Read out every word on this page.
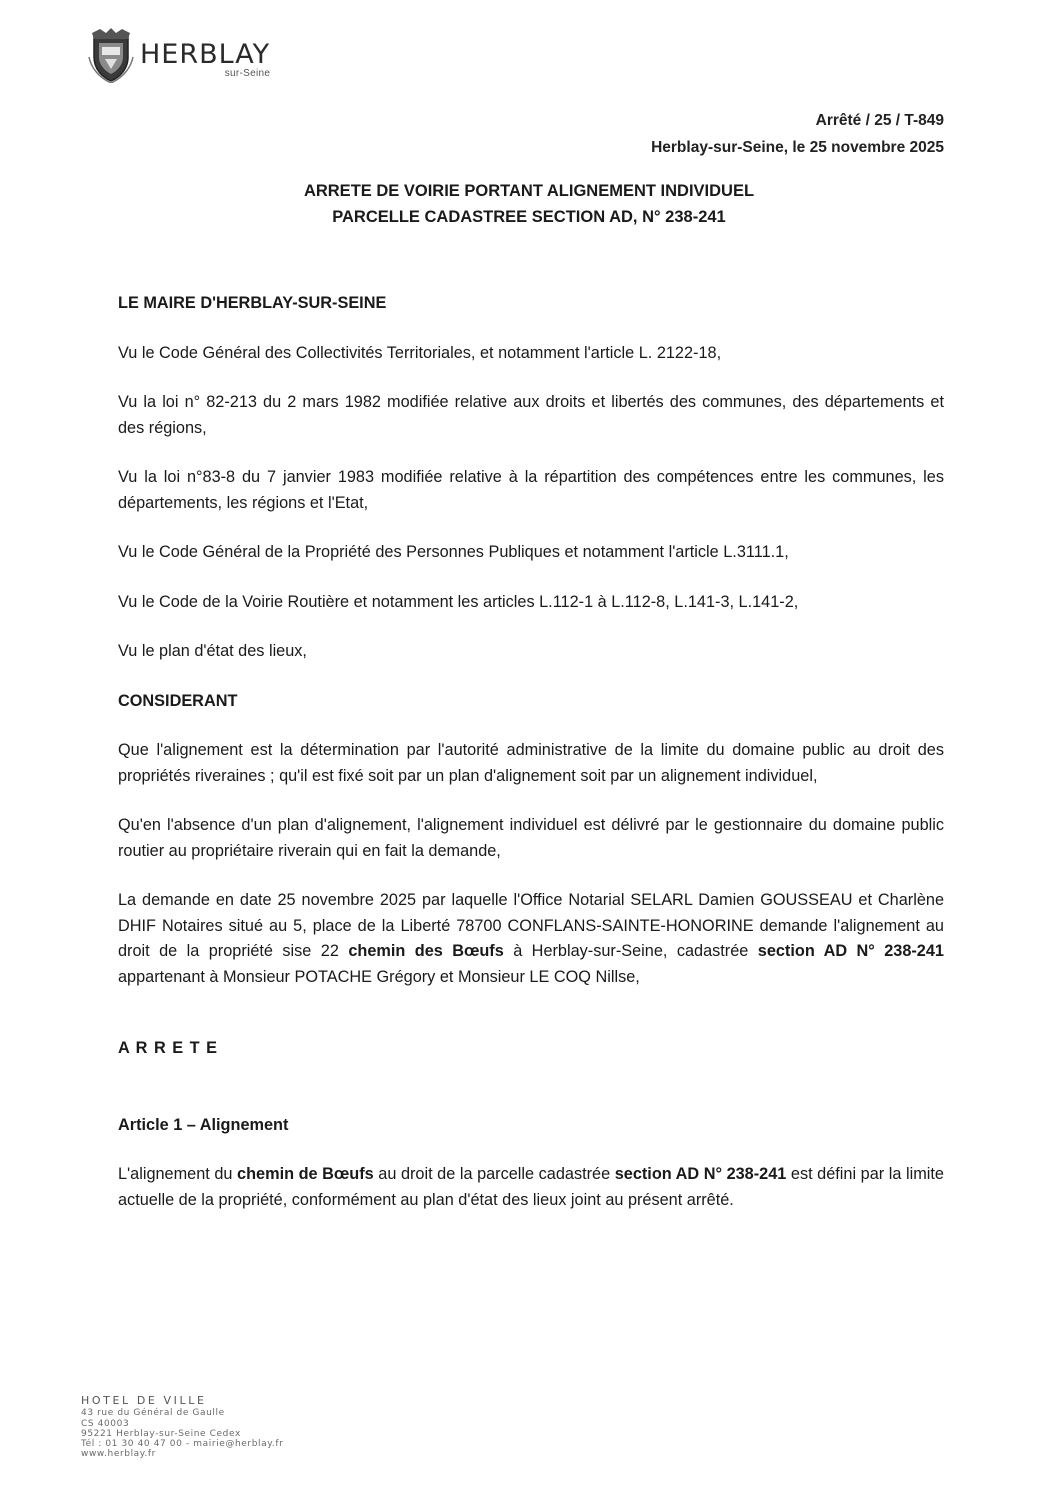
HERBLAY
sur-Seine
Arrêté / 25 / T-849
Herblay-sur-Seine, le 25 novembre 2025
ARRETE DE VOIRIE PORTANT ALIGNEMENT INDIVIDUEL
PARCELLE CADASTREE SECTION AD, N° 238-241

LE MAIRE D'HERBLAY-SUR-SEINE

Vu le Code Général des Collectivités Territoriales, et notamment l'article L. 2122-18,

Vu la loi n° 82-213 du 2 mars 1982 modifiée relative aux droits et libertés des communes, des départements et des régions,

Vu la loi n°83-8 du 7 janvier 1983 modifiée relative à la répartition des compétences entre les communes, les départements, les régions et l'Etat,

Vu le Code Général de la Propriété des Personnes Publiques et notamment l'article L.3111.1,

Vu le Code de la Voirie Routière et notamment les articles L.112-1 à L.112-8, L.141-3, L.141-2,

Vu le plan d'état des lieux,

CONSIDERANT

Que l'alignement est la détermination par l'autorité administrative de la limite du domaine public au droit des propriétés riveraines ; qu'il est fixé soit par un plan d'alignement soit par un alignement individuel,

Qu'en l'absence d'un plan d'alignement, l'alignement individuel est délivré par le gestionnaire du domaine public routier au propriétaire riverain qui en fait la demande,

La demande en date 25 novembre 2025 par laquelle l'Office Notarial SELARL Damien GOUSSEAU et Charlène DHIF Notaires situé au 5, place de la Liberté 78700 CONFLANS-SAINTE-HONORINE demande l'alignement au droit de la propriété sise 22 chemin des Bœufs à Herblay-sur-Seine, cadastrée section AD N° 238-241 appartenant à Monsieur POTACHE Grégory et Monsieur LE COQ Nillse,

A R R E T E

Article 1 – Alignement

L'alignement du chemin de Bœufs au droit de la parcelle cadastrée section AD N° 238-241 est défini par la limite actuelle de la propriété, conformément au plan d'état des lieux joint au présent arrêté.

HOTEL DE VILLE
43 rue du Général de Gaulle
CS 40003
95221 Herblay-sur-Seine Cedex
Tél : 01 30 40 47 00 - mairie@herblay.fr
www.herblay.fr
